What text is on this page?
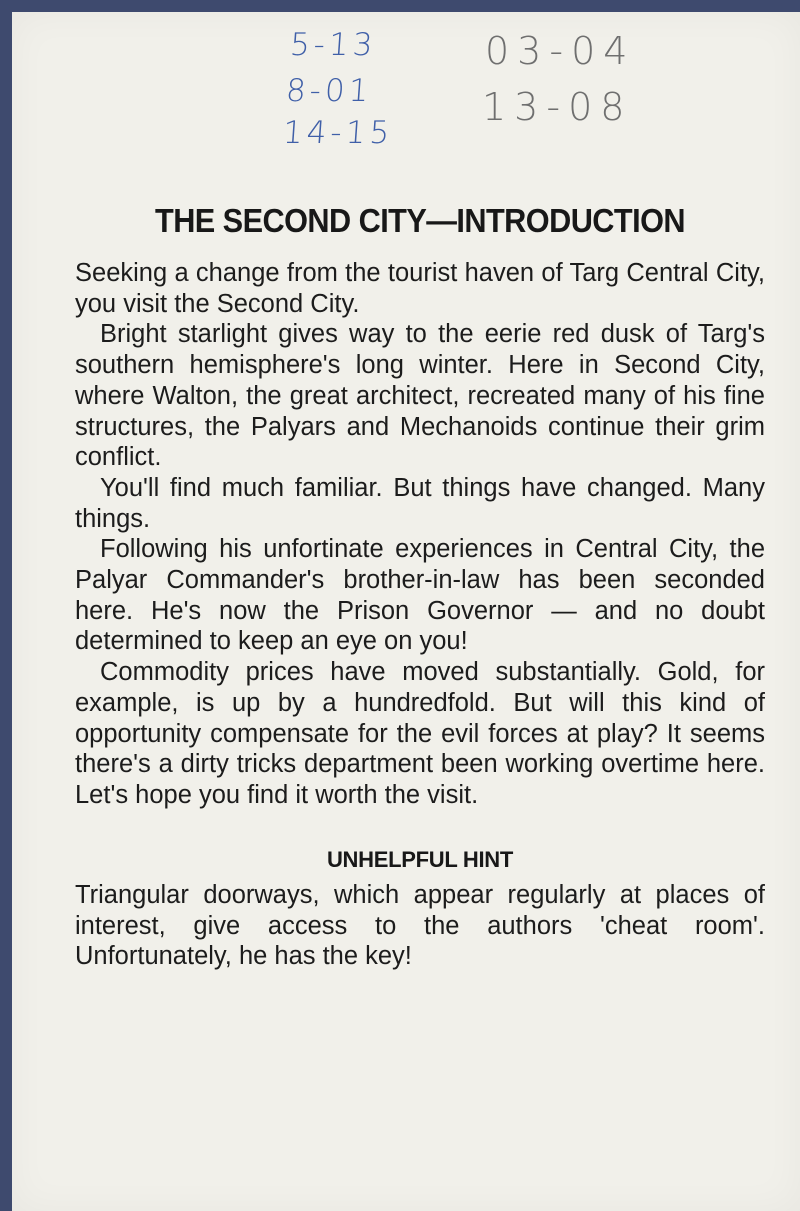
5-13
8-01
14-15
03-04
13-08
THE SECOND CITY—INTRODUCTION

Seeking a change from the tourist haven of Targ Central City, you visit the Second City.

Bright starlight gives way to the eerie red dusk of Targ's southern hemisphere's long winter. Here in Second City, where Walton, the great architect, recreated many of his fine structures, the Palyars and Mechanoids continue their grim conflict.

You'll find much familiar. But things have changed. Many things.

Following his unfortinate experiences in Central City, the Palyar Commander's brother-in-law has been seconded here. He's now the Prison Governor — and no doubt determined to keep an eye on you!

Commodity prices have moved substantially. Gold, for example, is up by a hundredfold. But will this kind of opportunity compensate for the evil forces at play? It seems there's a dirty tricks department been working overtime here. Let's hope you find it worth the visit.

UNHELPFUL HINT

Triangular doorways, which appear regularly at places of interest, give access to the authors 'cheat room'. Unfortunately, he has the key!
